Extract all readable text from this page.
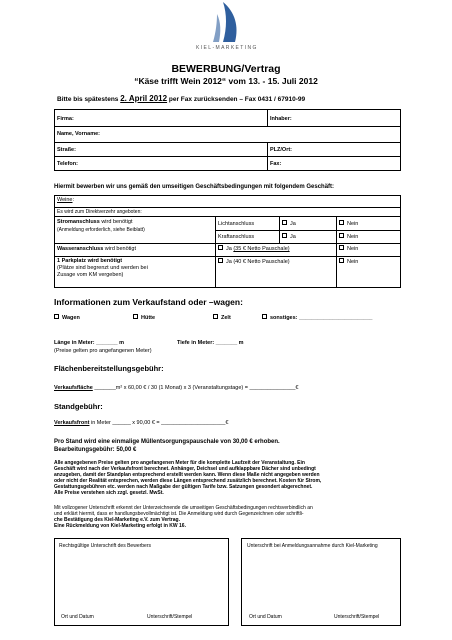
KIEL-MARKETING
BEWERBUNG/Vertrag
“Käse trifft Wein 2012“ vom 13. - 15. Juli 2012
Bitte bis spätestens 2. April 2012 per Fax zurücksenden – Fax 0431 / 67910-99
Firma:	Inhaber:
Name, Vorname:
Straße:	PLZ/Ort:
Telefon:	Fax:
Hiermit bewerben wir uns gemäß den umseitigen Geschäftsbedingungen mit folgendem Geschäft:
Weine:
Es wird zum Direktverzehr angeboten:
Stromanschluss wird benötigt
(Anmeldung erforderlich, siehe Beiblatt)
Lichtanschluss	Ja	Nein
Kraftanschluss	Ja	Nein
Wasseranschluss wird benötigt	Ja (35 € Netto Pauschale)	Nein
1 Parkplatz wird benötigt
(Plätze sind begrenzt und werden bei
Zusage vom KM vergeben)
Ja (40 € Netto Pauschale)	Nein
Informationen zum Verkaufstand oder –wagen:
Wagen	Hütte	Zelt	sonstiges: ________________________
Länge in Meter: _______ m	Tiefe in Meter: _______ m
(Preise gelten pro angefangenen Meter)
Flächenbereitstellungsgebühr:
Verkaufsfläche _______m² x 60,00 € / 30 (1 Monat) x 3 (Veranstaltungstage) = _______________€
Standgebühr:
Verkaufsfront in Meter ______ x 90,00 € = _____________________€
Pro Stand wird eine einmalige Müllentsorgungspauschale von 30,00 € erhoben.
Bearbeitungsgebühr: 50,00 €
Alle angegebenen Preise gelten pro angefangenen Meter für die komplette Laufzeit der Veranstaltung. Ein
Geschäft wird nach der Verkaufsfront berechnet. Anhänger, Deichsel und aufklappbare Dächer sind unbedingt
anzugeben, damit der Standplan entsprechend erstellt werden kann. Wenn diese Maße nicht angegeben werden
oder nicht der Realität entsprechen, werden diese Längen entsprechend zusätzlich berechnet. Kosten für Strom,
Gestattungsgebühren etc. werden nach Maßgabe der gültigen Tarife bzw. Satzungen gesondert abgerechnet.
Alle Preise verstehen sich zzgl. gesetzl. MwSt.
Mit vollzogener Unterschrift erkennt der Unterzeichnende die umseitigen Geschäftsbedingungen rechtsverbindlich an
und erklärt hiermit, dass er handlungsbevollmächtigt ist. Die Anmeldung wird durch Gegenzeichnen oder schriftli-
che Bestätigung des Kiel-Marketing e.V. zum Vertrag.
Eine Rückmeldung von Kiel-Marketing erfolgt in KW 16.
Rechtsgültige Unterschrift des Bewerbers	Unterschrift bei Anmeldungsannahme durch Kiel-Marketing
Ort und Datum	Unterschrift/Stempel	Ort und Datum	Unterschrift/Stempel
